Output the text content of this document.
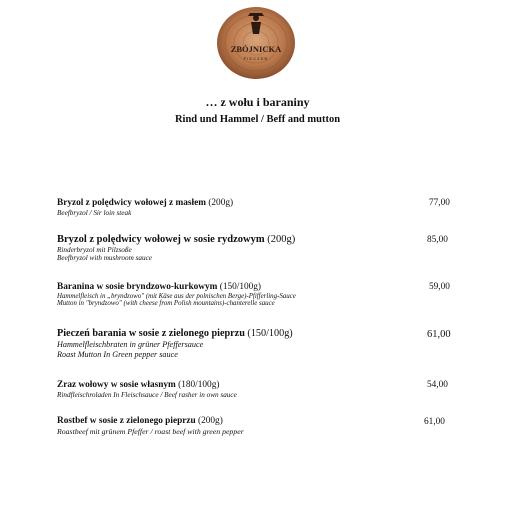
ZBÓJNICKA
PIECZEŃ
… z wołu i baraniny
Rind und Hammel / Beff and mutton
Bryzol z polędwicy wołowej z masłem (200g)
Beefbryzol / Sir loin steak
77,00
Bryzol z polędwicy wołowej w sosie rydzowym (200g)
Rinderbryzol mit Pilzsoße
Beefbryzol with mushroom sauce
85,00
Baranina w sosie bryndzowo-kurkowym (150/100g)
Hammelfleisch in „bryndzowo" (mit Käse aus der polnischen Berge)-Pfifferling-Sauce
Mutton in "bryndzowo" (with cheese from Polish mountains)-chanterelle sauce
59,00
Pieczeń barania w sosie z zielonego pieprzu (150/100g)
Hammelfleischbraten in grüner Pfeffersauce
Roast Mutton In Green pepper sauce
61,00
Zraz wołowy w sosie własnym (180/100g)
Rindfleischroladen In Fleischsauce / Beef rasher in own sauce
54,00
Rostbef w sosie z zielonego pieprzu (200g)
Roastbeef mit grünem Pfeffer / roast beef with green pepper
61,00
